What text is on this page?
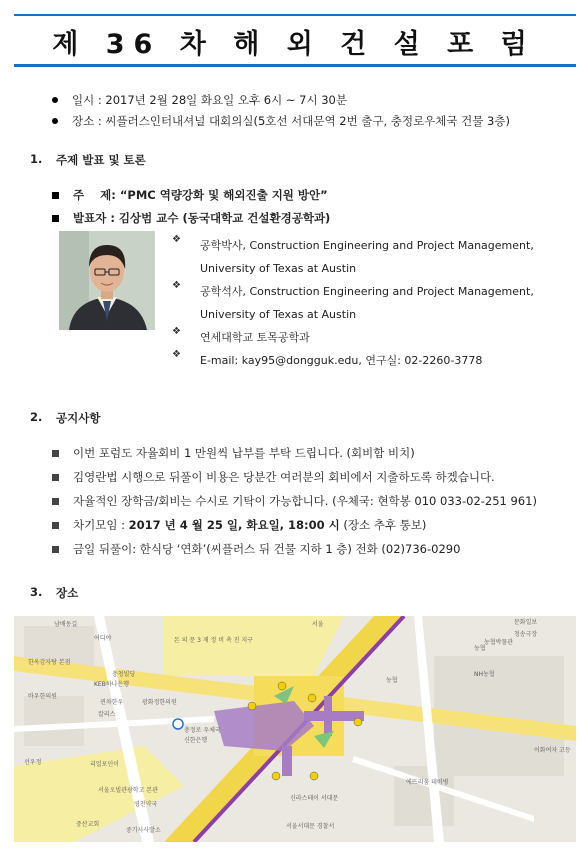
제 36 차 해 외 건 설 포 럼
일시 : 2017년 2월 28일 화요일 오후 6시 ~ 7시 30분
장소 : 씨플러스인터내셔널 대회의실(5호선 서대문역 2번 출구, 충정로우체국 건물 3층)
1.	주제 발표 및 토론
주    제 : “PMC 역량강화 및 해외진출 지원 방안”
발표자 : 김상범 교수 (동국대학교 건설환경공학과)
❖	공학박사, Construction Engineering and Project Management,
University of Texas at Austin
❖	공학석사, Construction Engineering and Project Management,
University of Texas at Austin
❖	연세대학교 토목공학과
❖	E-mail: kay95@dongguk.edu, 연구실: 02-2260-3778
2.	공지사항
이번 포럼도 자율회비 1 만원씩 납부를 부탁 드립니다. (회비함 비치)
김영란법 시행으로 뒤풀이 비용은 당분간 여러분의 회비에서 지출하도록 하겠습니다.
자율적인 장학금/회비는 수시로 기탁이 가능합니다. (우체국: 현학봉 010 033-02-251 961)
차기모임 : 2017 년 4 월 25 일, 화요일, 18:00 시 (장소 추후 통보)
금일 뒤풀이: 한식당 ‘연화’(씨플러스 뒤 건물 지하 1 층) 전화 (02)736-0290
3.	장소
돈 의 문 3 재 정 비 촉 진 지구
남배동길
어디야
한옥감자탕 본점
충청빌딩
KEB하나은행
바우한의원
퀸차한우
칼리스
광화정한의원
충정로 우체국
신한은행
선우정	리얼포인이
서울오빌관광학고 본관
영천약국
중산교회
중기사사발소
신라스테이 서대문
서울서대문 경찰서
농협
농협
NH농협
서울	문화일보
청송극장
농협박물관
에뜨리움 데비병
이화여자 고등
